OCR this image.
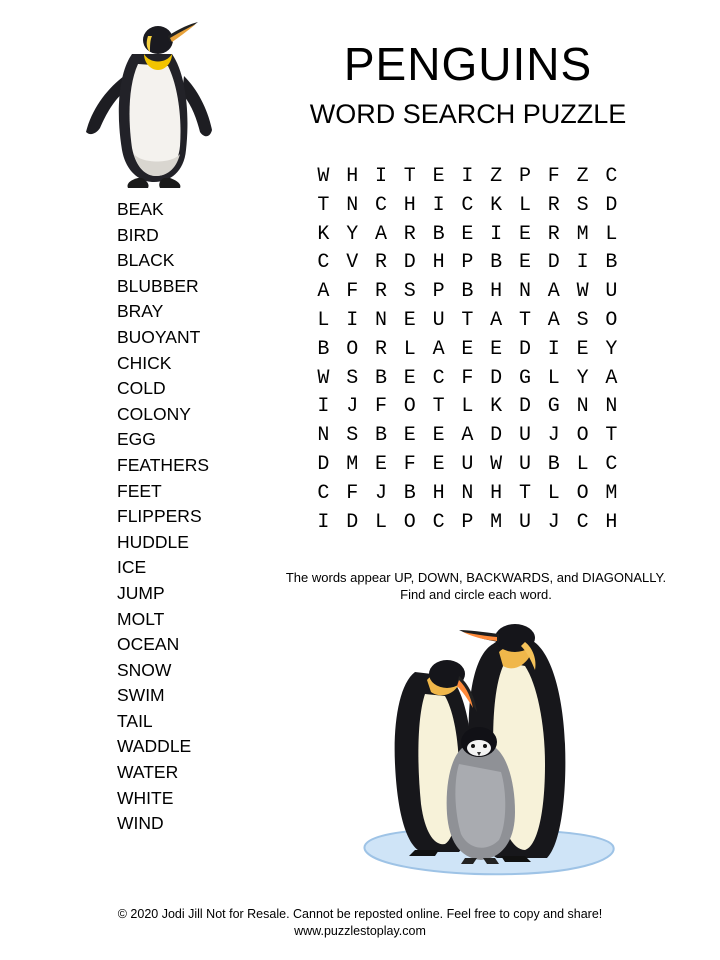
PENGUINS
WORD SEARCH PUZZLE
BEAK
BIRD
BLACK
BLUBBER
BRAY
BUOYANT
CHICK
COLD
COLONY
EGG
FEATHERS
FEET
FLIPPERS
HUDDLE
ICE
JUMP
MOLT
OCEAN
SNOW
SWIM
TAIL
WADDLE
WATER
WHITE
WIND
W H I T E I Z P F Z C
T N C H I C K L R S D
K Y A R B E I E R M L
C V R D H P B E D I B
A F R S P B H N A W U
L I N E U T A T A S O
B O R L A E E D I E Y
W S B E C F D G L Y A
I J F O T L K D G N N
N S B E E A D U J O T
D M E F E U W U B L C
C F J B H N H T L O M
I D L O C P M U J C H
The words appear UP, DOWN, BACKWARDS, and DIAGONALLY.
Find and circle each word.
© 2020 Jodi Jill Not for Resale. Cannot be reposted online. Feel free to copy and share!
www.puzzlestoplay.com
